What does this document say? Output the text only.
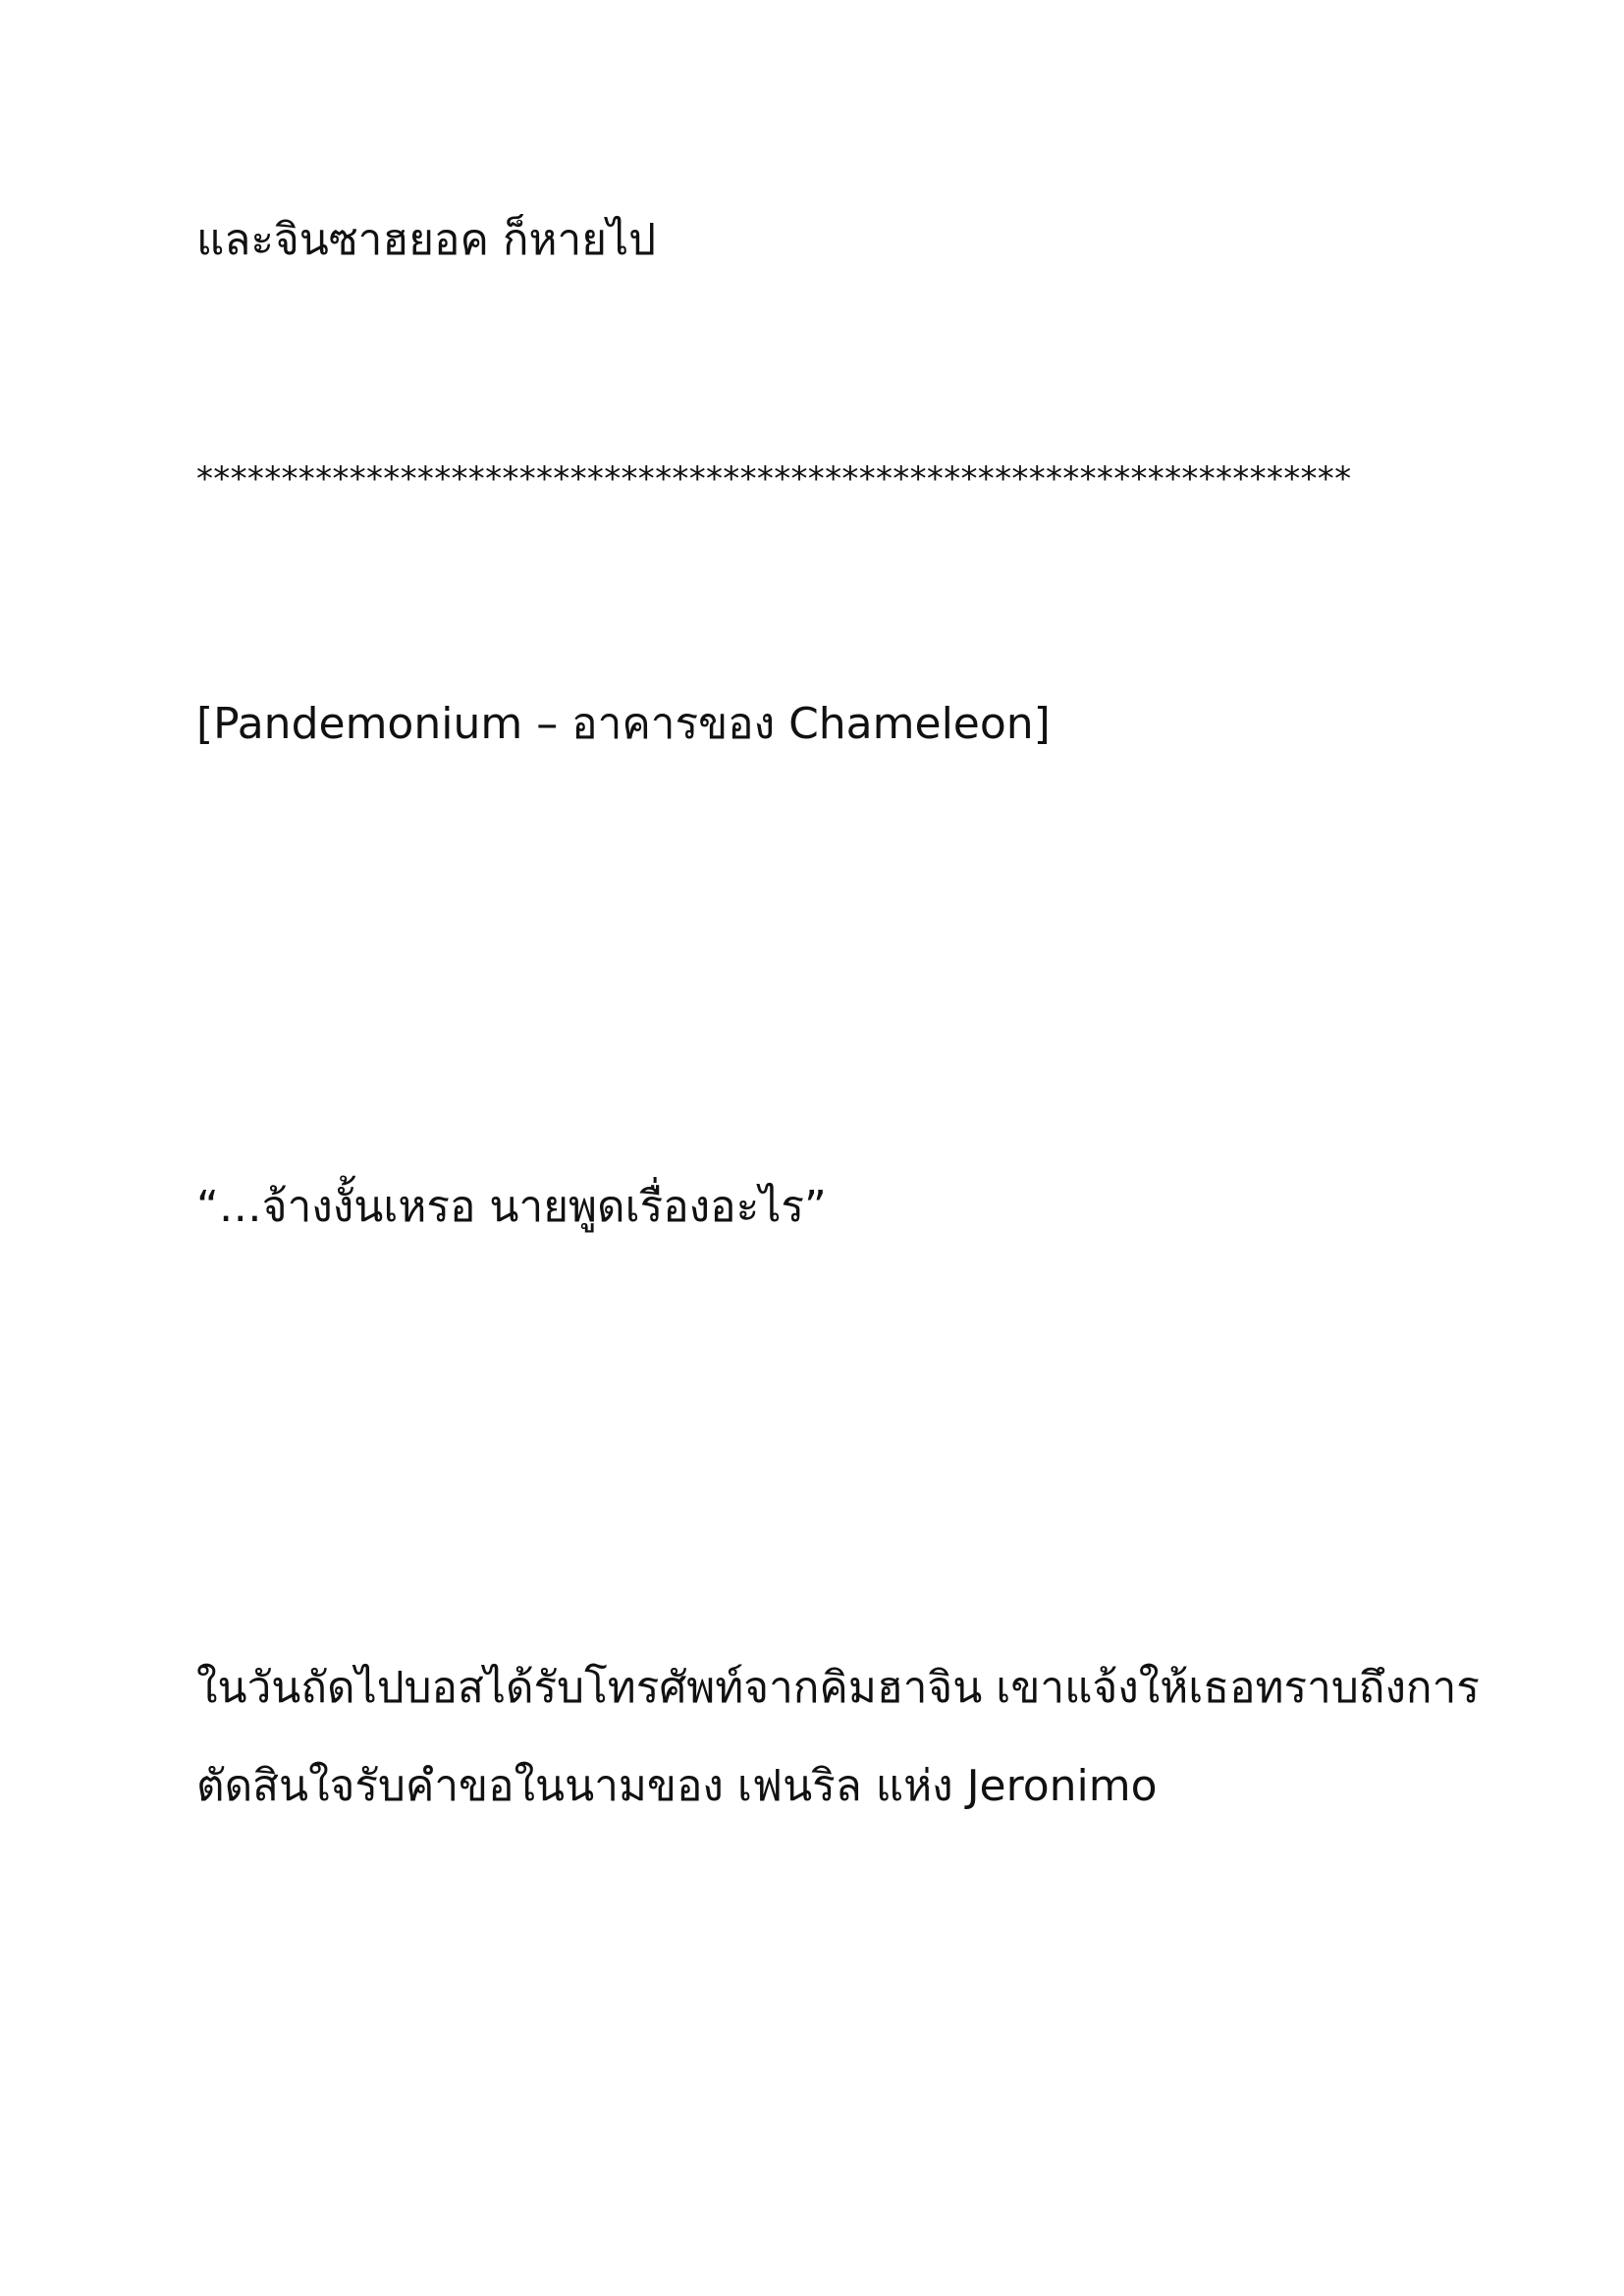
และจินซาฮยอค ก็หายไป

********************************************************************

[Pandemonium – อาคารของ Chameleon]

“…จ้างงั้นเหรอ นายพูดเรื่องอะไร”

ในวันถัดไปบอสได้รับโทรศัพท์จากคิมฮาจิน เขาแจ้งให้เธอทราบถึงการ

ตัดสินใจรับคำขอในนามของ เฟนริล แห่ง Jeronimo
